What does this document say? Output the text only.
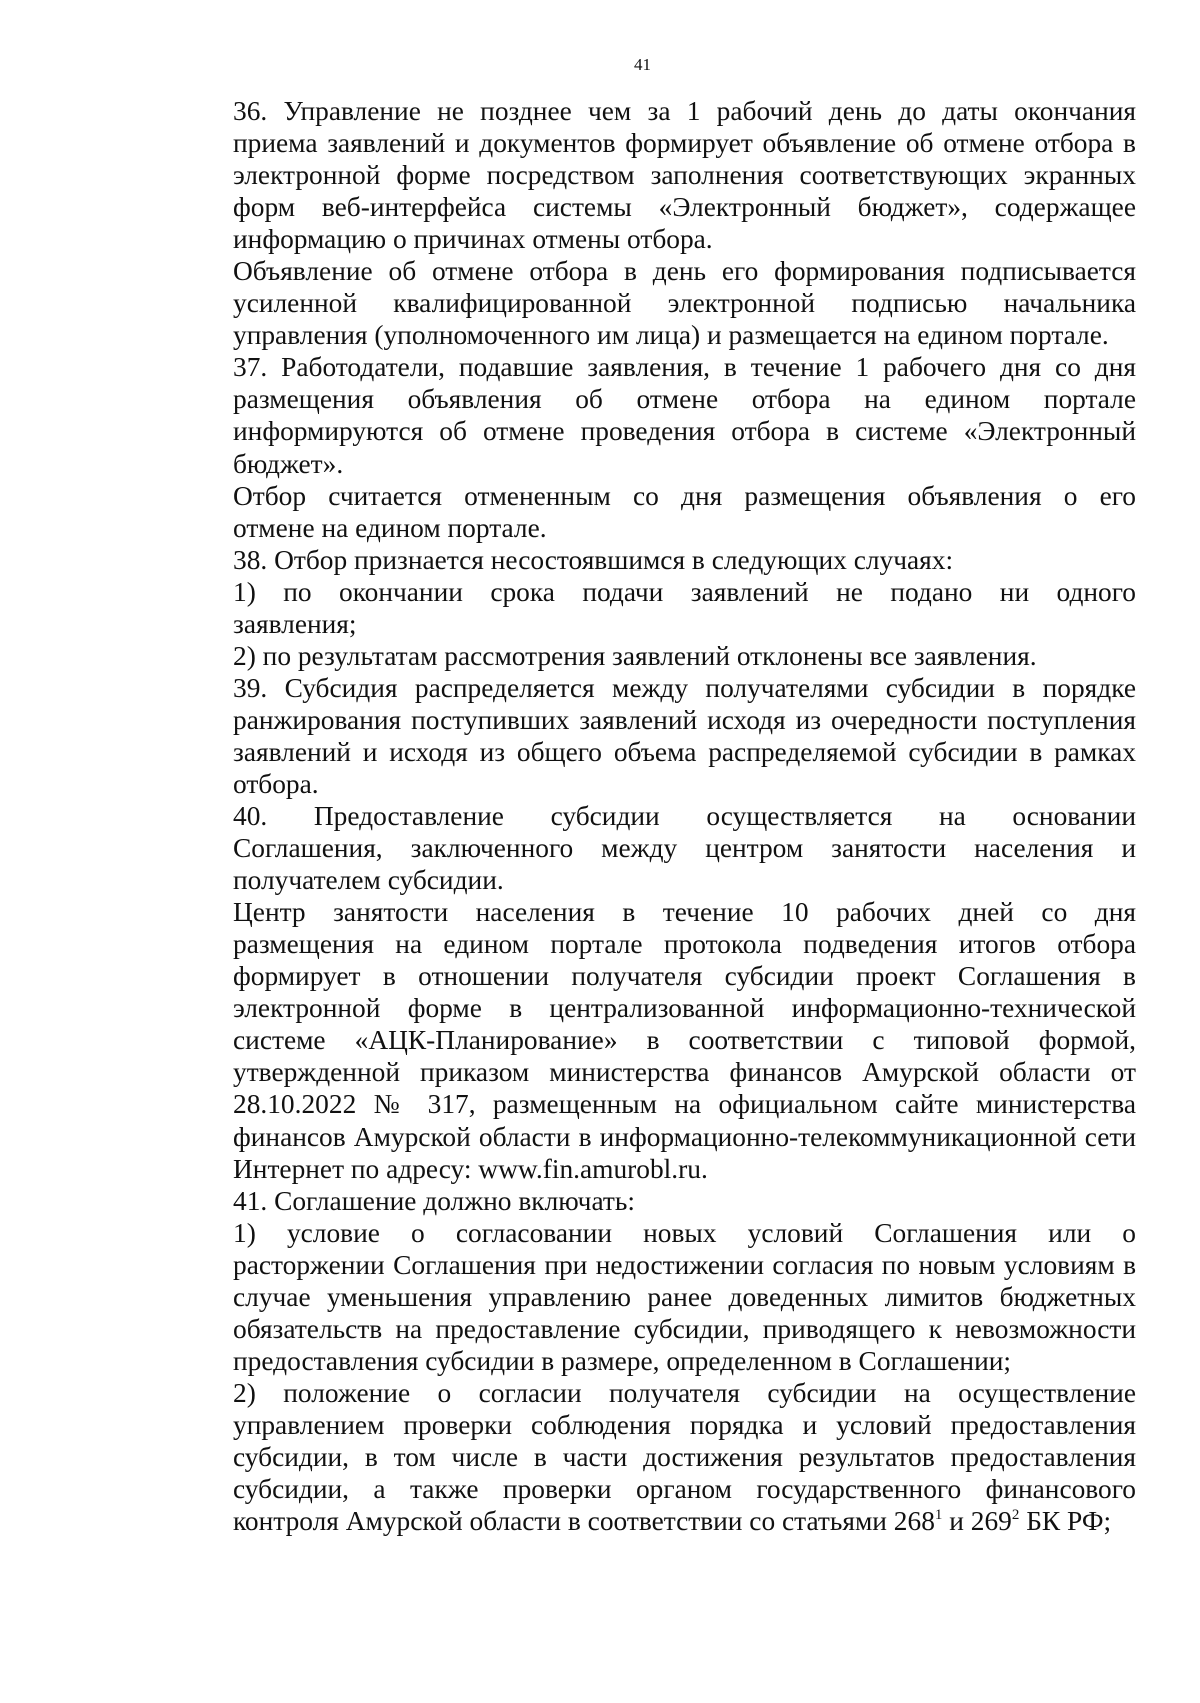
41

36. Управление не позднее чем за 1 рабочий день до даты окончания
приема заявлений и документов формирует объявление об отмене отбора в
электронной форме посредством заполнения соответствующих экранных
форм веб-интерфейса системы «Электронный бюджет», содержащее
информацию о причинах отмены отбора.

Объявление об отмене отбора в день его формирования подписывается
усиленной квалифицированной электронной подписью начальника
управления (уполномоченного им лица) и размещается на едином портале.

37. Работодатели, подавшие заявления, в течение 1 рабочего дня со дня
размещения объявления об отмене отбора на едином портале
информируются об отмене проведения отбора в системе «Электронный
бюджет».

Отбор считается отмененным со дня размещения объявления о его
отмене на едином портале.

38. Отбор признается несостоявшимся в следующих случаях:

1) по окончании срока подачи заявлений не подано ни одного
заявления;

2) по результатам рассмотрения заявлений отклонены все заявления.

39. Субсидия распределяется между получателями субсидии в порядке
ранжирования поступивших заявлений исходя из очередности поступления
заявлений и исходя из общего объема распределяемой субсидии в рамках
отбора.

40. Предоставление субсидии осуществляется на основании
Соглашения, заключенного между центром занятости населения и
получателем субсидии.

Центр занятости населения в течение 10 рабочих дней со дня
размещения на едином портале протокола подведения итогов отбора
формирует в отношении получателя субсидии проект Соглашения в
электронной форме в централизованной информационно-технической
системе «АЦК-Планирование» в соответствии с типовой формой,
утвержденной приказом министерства финансов Амурской области от
28.10.2022 № 317, размещенным на официальном сайте министерства
финансов Амурской области в информационно-телекоммуникационной сети
Интернет по адресу: www.fin.amurobl.ru.

41. Соглашение должно включать:

1) условие о согласовании новых условий Соглашения или о
расторжении Соглашения при недостижении согласия по новым условиям в
случае уменьшения управлению ранее доведенных лимитов бюджетных
обязательств на предоставление субсидии, приводящего к невозможности
предоставления субсидии в размере, определенном в Соглашении;

2) положение о согласии получателя субсидии на осуществление
управлением проверки соблюдения порядка и условий предоставления
субсидии, в том числе в части достижения результатов предоставления
субсидии, а также проверки органом государственного финансового
контроля Амурской области в соответствии со статьями $268^1$ и $269^2$ БК РФ;
